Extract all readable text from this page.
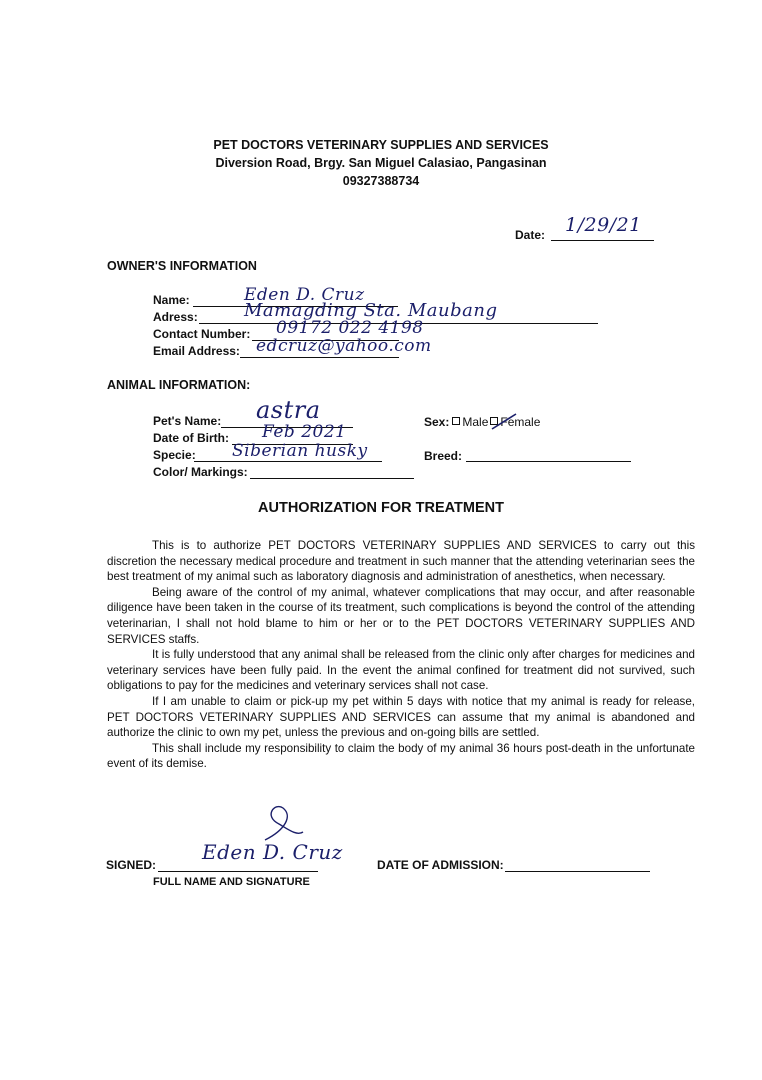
PET DOCTORS VETERINARY SUPPLIES AND SERVICES
Diversion Road, Brgy. San Miguel Calasiao, Pangasinan
09327388734
Date: 1/29/21
OWNER'S INFORMATION
Name:	Eden D. Cruz
Adress:	Mamagding Sta. Maubang
Contact Number: 09172 022 4198
Email Address: edcruz@yahoo.com
ANIMAL INFORMATION:
Pet's Name: astra
Date of Birth: Feb 2021
Specie: Siberian husky
Color/ Markings:
Sex: Male Female
Breed:
AUTHORIZATION FOR TREATMENT

This is to authorize PET DOCTORS VETERINARY SUPPLIES AND SERVICES to carry out this discretion the necessary medical procedure and treatment in such manner that the attending veterinarian sees the best treatment of my animal such as laboratory diagnosis and administration of anesthetics, when necessary.

Being aware of the control of my animal, whatever complications that may occur, and after reasonable diligence have been taken in the course of its treatment, such complications is beyond the control of the attending veterinarian, I shall not hold blame to him or her or to the PET DOCTORS VETERINARY SUPPLIES AND SERVICES staffs.

It is fully understood that any animal shall be released from the clinic only after charges for medicines and veterinary services have been fully paid. In the event the animal confined for treatment did not survived, such obligations to pay for the medicines and veterinary services shall not case.

If I am unable to claim or pick-up my pet within 5 days with notice that my animal is ready for release, PET DOCTORS VETERINARY SUPPLIES AND SERVICES can assume that my animal is abandoned and authorize the clinic to own my pet, unless the previous and on-going bills are settled.

This shall include my responsibility to claim the body of my animal 36 hours post-death in the unfortunate event of its demise.

SIGNED:
FULL NAME AND SIGNATURE
Eden D. Cruz
DATE OF ADMISSION:
